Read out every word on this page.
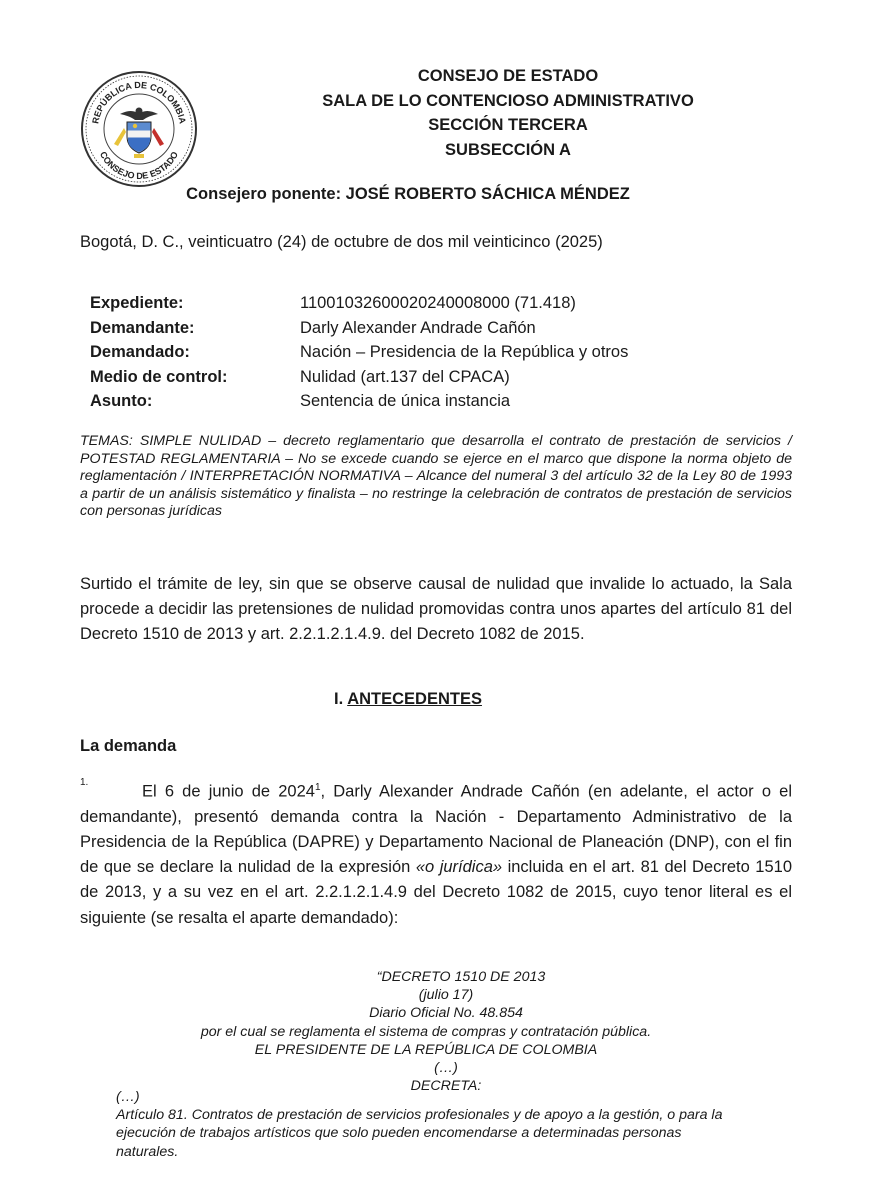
REPÚBLICA DE COLOMBIA
CONSEJO DE ESTADO
CONSEJO DE ESTADO
SALA DE LO CONTENCIOSO ADMINISTRATIVO
SECCIÓN TERCERA
SUBSECCIÓN A
Consejero ponente: JOSÉ ROBERTO SÁCHICA MÉNDEZ
Bogotá, D. C., veinticuatro (24) de octubre de dos mil veinticinco (2025)
Expediente:	11001032600020240008000 (71.418)
Demandante:	Darly Alexander Andrade Cañón
Demandado:	Nación – Presidencia de la República y otros
Medio de control:	Nulidad (art.137 del CPACA)
Asunto:	Sentencia de única instancia

TEMAS: SIMPLE NULIDAD – decreto reglamentario que desarrolla el contrato de prestación de servicios / POTESTAD REGLAMENTARIA – No se excede cuando se ejerce en el marco que dispone la norma objeto de reglamentación / INTERPRETACIÓN NORMATIVA – Alcance del numeral 3 del artículo 32 de la Ley 80 de 1993 a partir de un análisis sistemático y finalista – no restringe la celebración de contratos de prestación de servicios con personas jurídicas

Surtido el trámite de ley, sin que se observe causal de nulidad que invalide lo actuado, la Sala procede a decidir las pretensiones de nulidad promovidas contra unos apartes del artículo 81 del Decreto 1510 de 2013 y art. 2.2.1.2.1.4.9. del Decreto 1082 de 2015.

I. ANTECEDENTES
La demanda

1.	El 6 de junio de 2024$^1$, Darly Alexander Andrade Cañón (en adelante, el actor o el demandante), presentó demanda contra la Nación - Departamento Administrativo de la Presidencia de la República (DAPRE) y Departamento Nacional de Planeación (DNP), con el fin de que se declare la nulidad de la expresión «o jurídica» incluida en el art. 81 del Decreto 1510 de 2013, y a su vez en el art. 2.2.1.2.1.4.9 del Decreto 1082 de 2015, cuyo tenor literal es el siguiente (se resalta el aparte demandado):

“DECRETO 1510 DE 2013
(julio 17)
Diario Oficial No. 48.854
por el cual se reglamenta el sistema de compras y contratación pública.
EL PRESIDENTE DE LA REPÚBLICA DE COLOMBIA
(…)
DECRETA:
(…)
Artículo 81. Contratos de prestación de servicios profesionales y de apoyo a la gestión, o para la ejecución de trabajos artísticos que solo pueden encomendarse a determinadas personas naturales.
